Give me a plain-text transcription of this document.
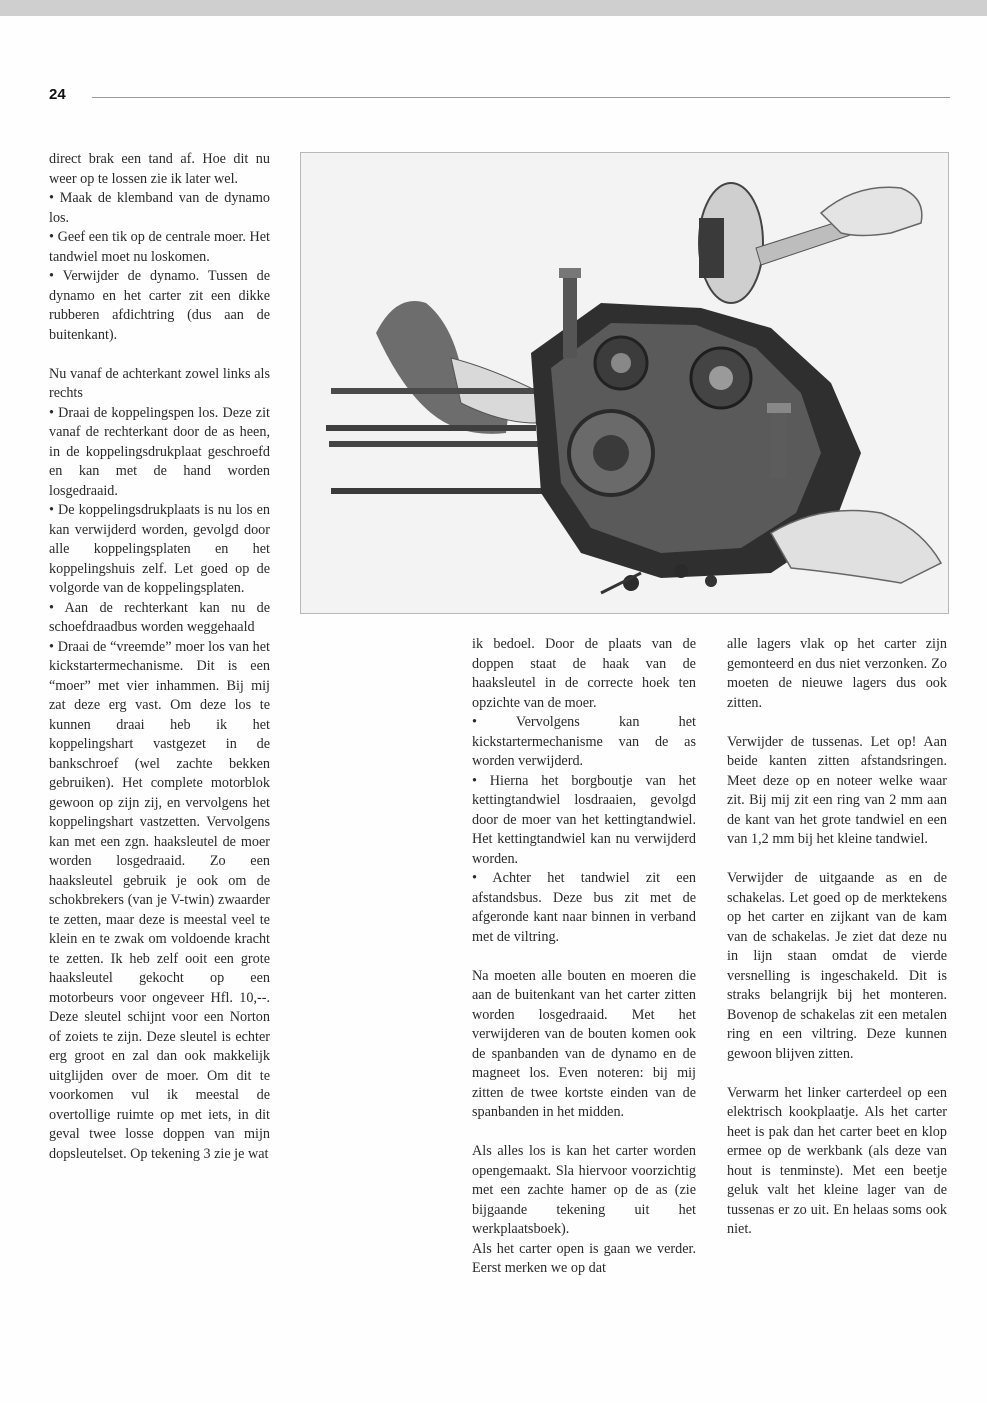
24

direct brak een tand af. Hoe dit nu weer op te lossen zie ik later wel.

• Maak de klemband van de dynamo los.

• Geef een tik op de centrale moer. Het tandwiel moet nu loskomen.

• Verwijder de dynamo. Tussen de dynamo en het carter zit een dikke rubberen afdichtring (dus aan de buitenkant).

Nu vanaf de achterkant zowel links als rechts

• Draai de koppelingspen los. Deze zit vanaf de rechterkant door de as heen, in de koppelingsdrukplaat geschroefd en kan met de hand worden losgedraaid.

• De koppelingsdrukplaats is nu los en kan verwijderd worden, gevolgd door alle koppelingsplaten en het koppelingshuis zelf. Let goed op de volgorde van de koppelingsplaten.

• Aan de rechterkant kan nu de schoefdraadbus worden weggehaald

• Draai de “vreemde” moer los van het kickstartermechanisme. Dit is een “moer” met vier inhammen. Bij mij zat deze erg vast. Om deze los te kunnen draai heb ik het koppelingshart vastgezet in de bankschroef (wel zachte bekken gebruiken). Het complete motorblok gewoon op zijn zij, en vervolgens het koppelingshart vastzetten. Vervolgens kan met een zgn. haaksleutel de moer worden losgedraaid. Zo een haaksleutel gebruik je ook om de schokbrekers (van je V-twin) zwaarder te zetten, maar deze is meestal veel te klein en te zwak om voldoende kracht te zetten. Ik heb zelf ooit een grote haaksleutel gekocht op een motorbeurs voor ongeveer Hfl. 10,--. Deze sleutel schijnt voor een Norton of zoiets te zijn. Deze sleutel is echter erg groot en zal dan ook makkelijk uitglijden over de moer. Om dit te voorkomen vul ik meestal de overtollige ruimte op met iets, in dit geval twee losse doppen van mijn dopsleutelset. Op tekening 3 zie je wat

ik bedoel. Door de plaats van de doppen staat de haak van de haaksleutel in de correcte hoek ten opzichte van de moer.

• Vervolgens kan het kickstartermechanisme van de as worden verwijderd.

• Hierna het borgboutje van het kettingtandwiel losdraaien, gevolgd door de moer van het kettingtandwiel. Het kettingtandwiel kan nu verwijderd worden.

• Achter het tandwiel zit een afstandsbus. Deze bus zit met de afgeronde kant naar binnen in verband met de viltring.

Na moeten alle bouten en moeren die aan de buitenkant van het carter zitten worden losgedraaid. Met het verwijderen van de bouten komen ook de spanbanden van de dynamo en de magneet los. Even noteren: bij mij zitten de twee kortste einden van de spanbanden in het midden.

Als alles los is kan het carter worden opengemaakt. Sla hiervoor voorzichtig met een zachte hamer op de as (zie bijgaande tekening uit het werkplaatsboek).

Als het carter open is gaan we verder. Eerst merken we op dat

alle lagers vlak op het carter zijn gemonteerd en dus niet verzonken. Zo moeten de nieuwe lagers dus ook zitten.

Verwijder de tussenas. Let op! Aan beide kanten zitten afstandsringen. Meet deze op en noteer welke waar zit. Bij mij zit een ring van 2 mm aan de kant van het grote tandwiel en een van 1,2 mm bij het kleine tandwiel.

Verwijder de uitgaande as en de schakelas. Let goed op de merktekens op het carter en zijkant van de kam van de schakelas. Je ziet dat deze nu in lijn staan omdat de vierde versnelling is ingeschakeld. Dit is straks belangrijk bij het monteren. Bovenop de schakelas zit een metalen ring en een viltring. Deze kunnen gewoon blijven zitten.

Verwarm het linker carterdeel op een elektrisch kookplaatje. Als het carter heet is pak dan het carter beet en klop ermee op de werkbank (als deze van hout is tenminste). Met een beetje geluk valt het kleine lager van de tussenas er zo uit. En helaas soms ook niet.
